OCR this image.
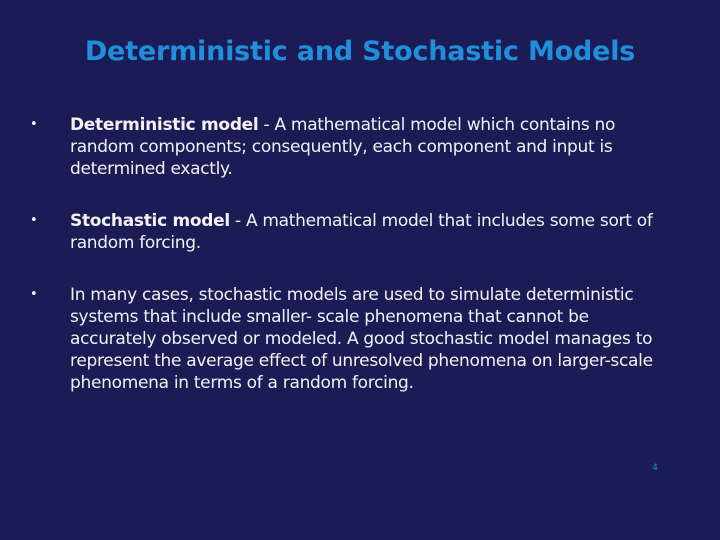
Deterministic and Stochastic Models
• Deterministic model - A mathematical model which contains no random components; consequently, each component and input is determined exactly.
• Stochastic model - A mathematical model that includes some sort of random forcing.
• In many cases, stochastic models are used to simulate deterministic systems that include smaller- scale phenomena that cannot be accurately observed or modeled. A good stochastic model manages to represent the average effect of unresolved phenomena on larger-scale phenomena in terms of a random forcing.
4
